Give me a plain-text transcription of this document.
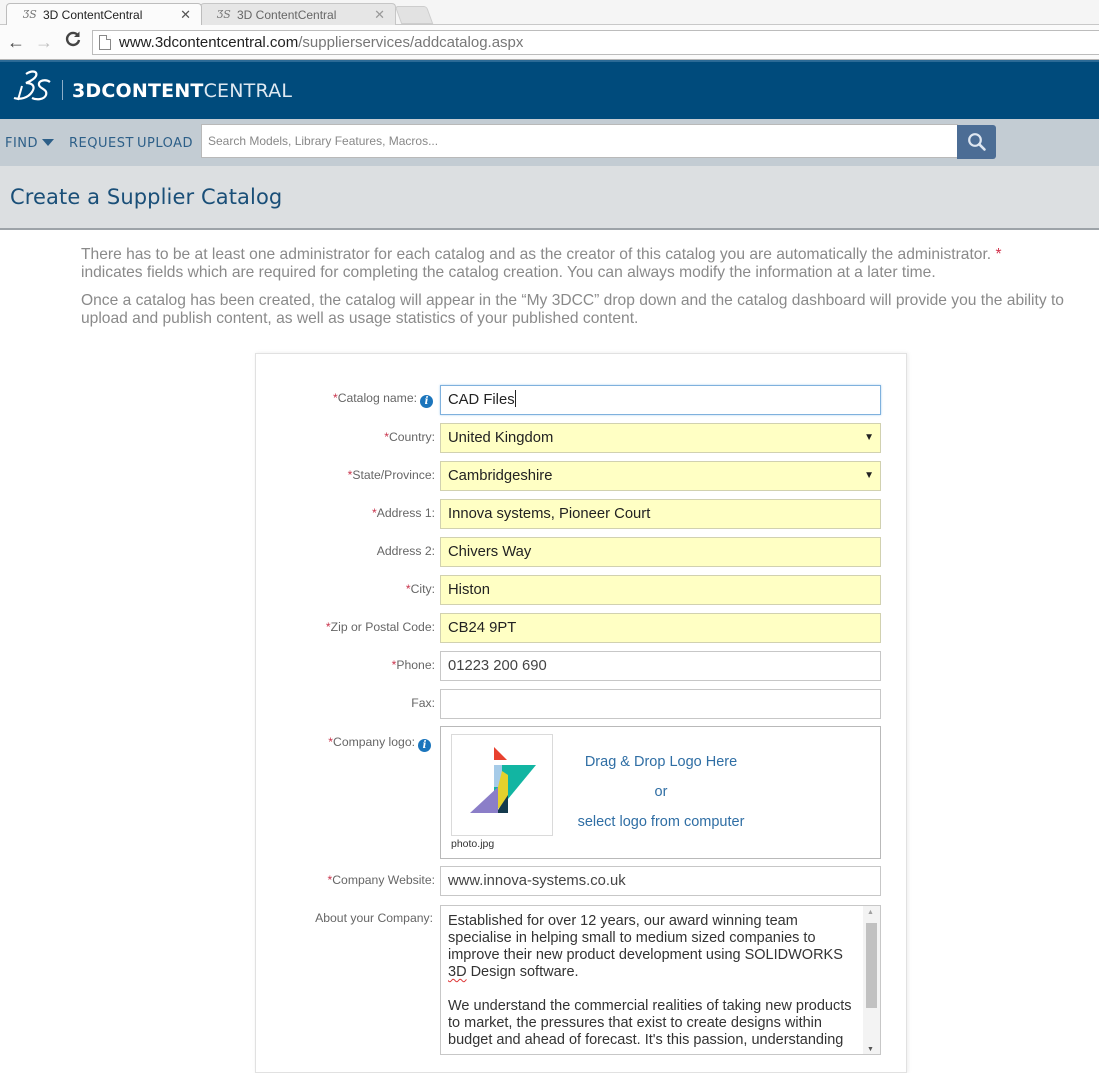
ƷS 3D ContentCentral	✕ ƷS 3D ContentCentral	✕
← →	www.3dcontentcentral.com /supplierservices/addcatalog.aspx
3DCONTENTCENTRAL
FIND	REQUEST UPLOAD	Search Models, Library Features, Macros...
Create a Supplier Catalog

There has to be at least one administrator for each catalog and as the creator of this catalog you are automatically the administrator. *
indicates fields which are required for completing the catalog creation. You can always modify the information at a later time.

Once a catalog has been created, the catalog will appear in the “My 3DCC” drop down and the catalog dashboard will provide you the ability to upload and publish content, as well as usage statistics of your published content.

*Catalog name: i	CAD Files
*Country: United Kingdom	▼
*State/Province: Cambridgeshire	▼
*Address 1: Innova systems, Pioneer Court
Address 2: Chivers Way
*City: Histon
*Zip or Postal Code: CB24 9PT
*Phone: 01223 200 690
Fax:
*Company logo: i
photo.jpg
Drag & Drop Logo Here
or
select logo from computer
*Company Website: www.innova-systems.co.uk
About your Company: Established for over 12 years, our award winning team specialise in helping small to medium sized companies to improve their new product development using SOLIDWORKS 3D Design software.

We understand the commercial realities of taking new products to market, the pressures that exist to create designs within budget and ahead of forecast. It's this passion, understanding

▲
▼
